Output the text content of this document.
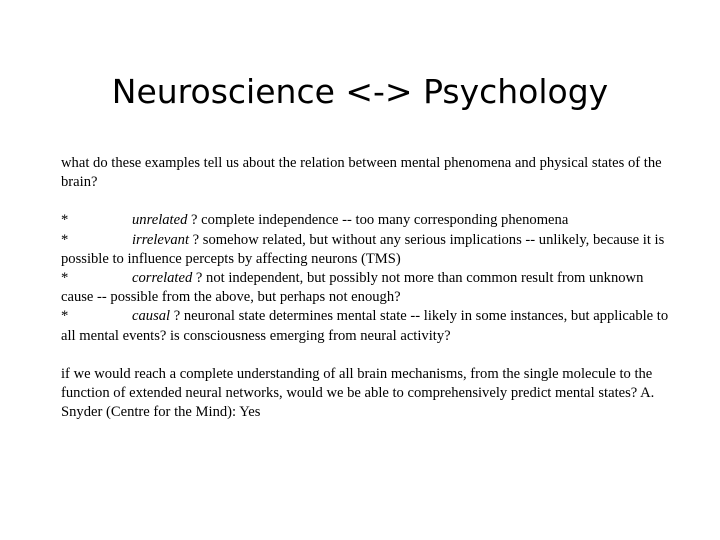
Neuroscience <-> Psychology

what do these examples tell us about the relation between mental phenomena and physical states of the brain?

*	unrelated ? complete independence -- too many corresponding phenomena

*	irrelevant ? somehow related, but without any serious implications -- unlikely, because it is possible to influence percepts by affecting neurons (TMS)

*	correlated ? not independent, but possibly not more than common result from unknown cause -- possible from the above, but perhaps not enough?

*	causal ? neuronal state determines mental state -- likely in some instances, but applicable to all mental events? is consciousness emerging from neural activity?

if we would reach a complete understanding of all brain mechanisms, from the single molecule to the function of extended neural networks, would we be able to comprehensively predict mental states? A. Snyder (Centre for the Mind): Yes
